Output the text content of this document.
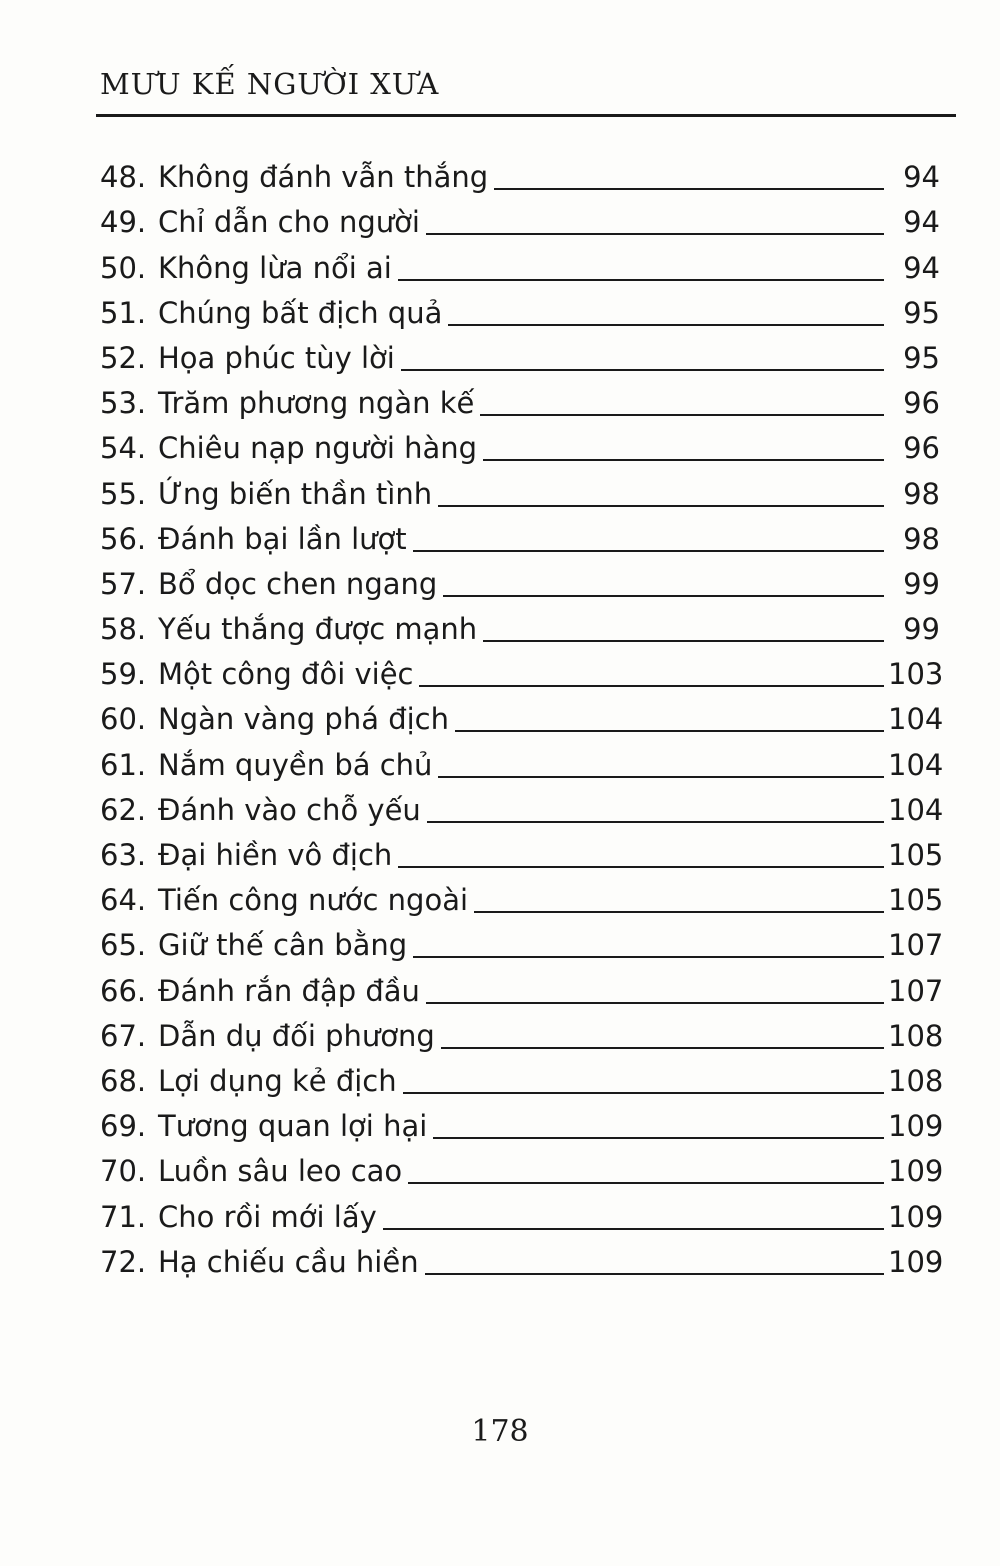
MƯU KẾ NGƯỜI XƯA
48. Không đánh vẫn thắng	94
49. Chỉ dẫn cho người	94
50. Không lừa nổi ai	94
51. Chúng bất địch quả	95
52. Họa phúc tùy lời	95
53. Trăm phương ngàn kế	96
54. Chiêu nạp người hàng	96
55. Ứng biến thần tình	98
56. Đánh bại lần lượt	98
57. Bổ dọc chen ngang	99
58. Yếu thắng được mạnh	99
59. Một công đôi việc	103
60. Ngàn vàng phá địch	104
61. Nắm quyền bá chủ	104
62. Đánh vào chỗ yếu	104
63. Đại hiền vô địch	105
64. Tiến công nước ngoài	105
65. Giữ thế cân bằng	107
66. Đánh rắn đập đầu	107
67. Dẫn dụ đối phương	108
68. Lợi dụng kẻ địch	108
69. Tương quan lợi hại	109
70. Luồn sâu leo cao	109
71. Cho rồi mới lấy	109
72. Hạ chiếu cầu hiền	109
178
